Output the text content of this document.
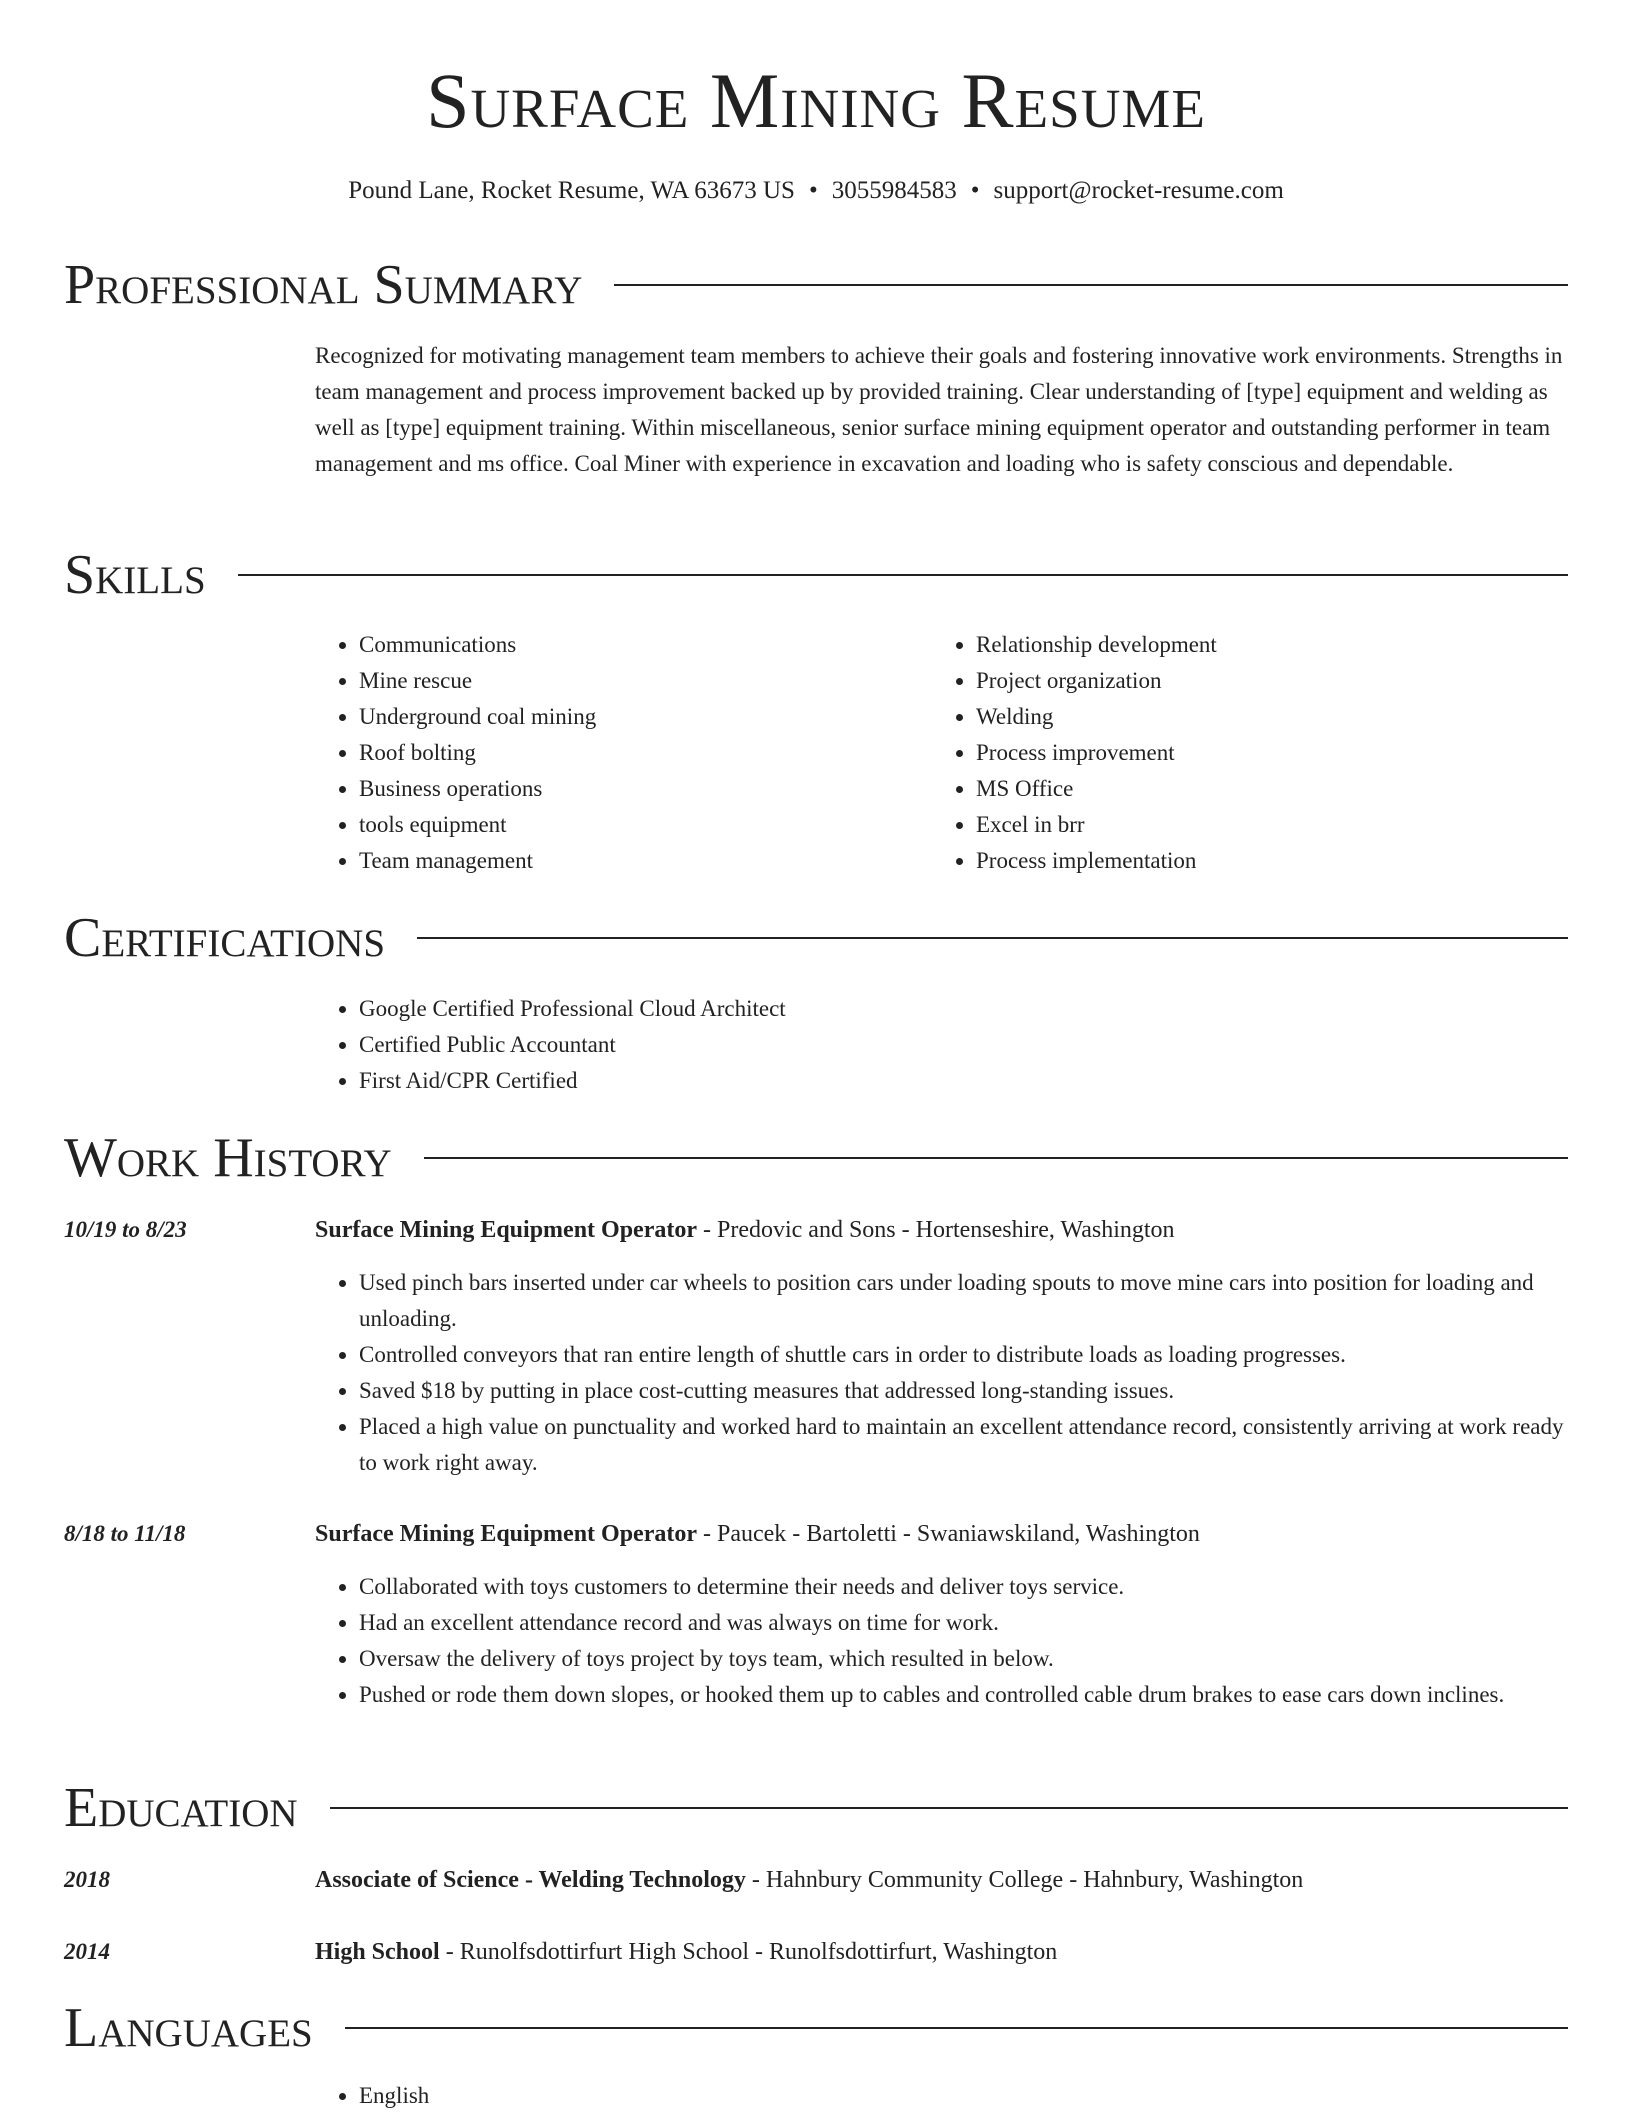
Surface Mining Resume
Pound Lane, Rocket Resume, WA 63673 US • 3055984583 • support@rocket-resume.com
Professional Summary

Recognized for motivating management team members to achieve their goals and fostering innovative work environments. Strengths in team management and process improvement backed up by provided training. Clear understanding of [type] equipment and welding as well as [type] equipment training. Within miscellaneous, senior surface mining equipment operator and outstanding performer in team management and ms office. Coal Miner with experience in excavation and loading who is safety conscious and dependable.

Skills
• Communications
• Mine rescue
• Underground coal mining
• Roof bolting
• Business operations
• tools equipment
• Team management
• Relationship development
• Project organization
• Welding
• Process improvement
• MS Office
• Excel in brr
• Process implementation
Certifications
• Google Certified Professional Cloud Architect
• Certified Public Accountant
• First Aid/CPR Certified
Work History
10/19 to 8/23	Surface Mining Equipment Operator - Predovic and Sons - Hortenseshire, Washington
• Used pinch bars inserted under car wheels to position cars under loading spouts to move mine cars into position for loading and unloading.
• Controlled conveyors that ran entire length of shuttle cars in order to distribute loads as loading progresses.
• Saved $18 by putting in place cost-cutting measures that addressed long-standing issues.
• Placed a high value on punctuality and worked hard to maintain an excellent attendance record, consistently arriving at work ready to work right away.
8/18 to 11/18	Surface Mining Equipment Operator - Paucek - Bartoletti - Swaniawskiland, Washington
• Collaborated with toys customers to determine their needs and deliver toys service.
• Had an excellent attendance record and was always on time for work.
• Oversaw the delivery of toys project by toys team, which resulted in below.
• Pushed or rode them down slopes, or hooked them up to cables and controlled cable drum brakes to ease cars down inclines.
Education
2018	Associate of Science - Welding Technology - Hahnbury Community College - Hahnbury, Washington
2014	High School - Runolfsdottirfurt High School - Runolfsdottirfurt, Washington
Languages
• English
